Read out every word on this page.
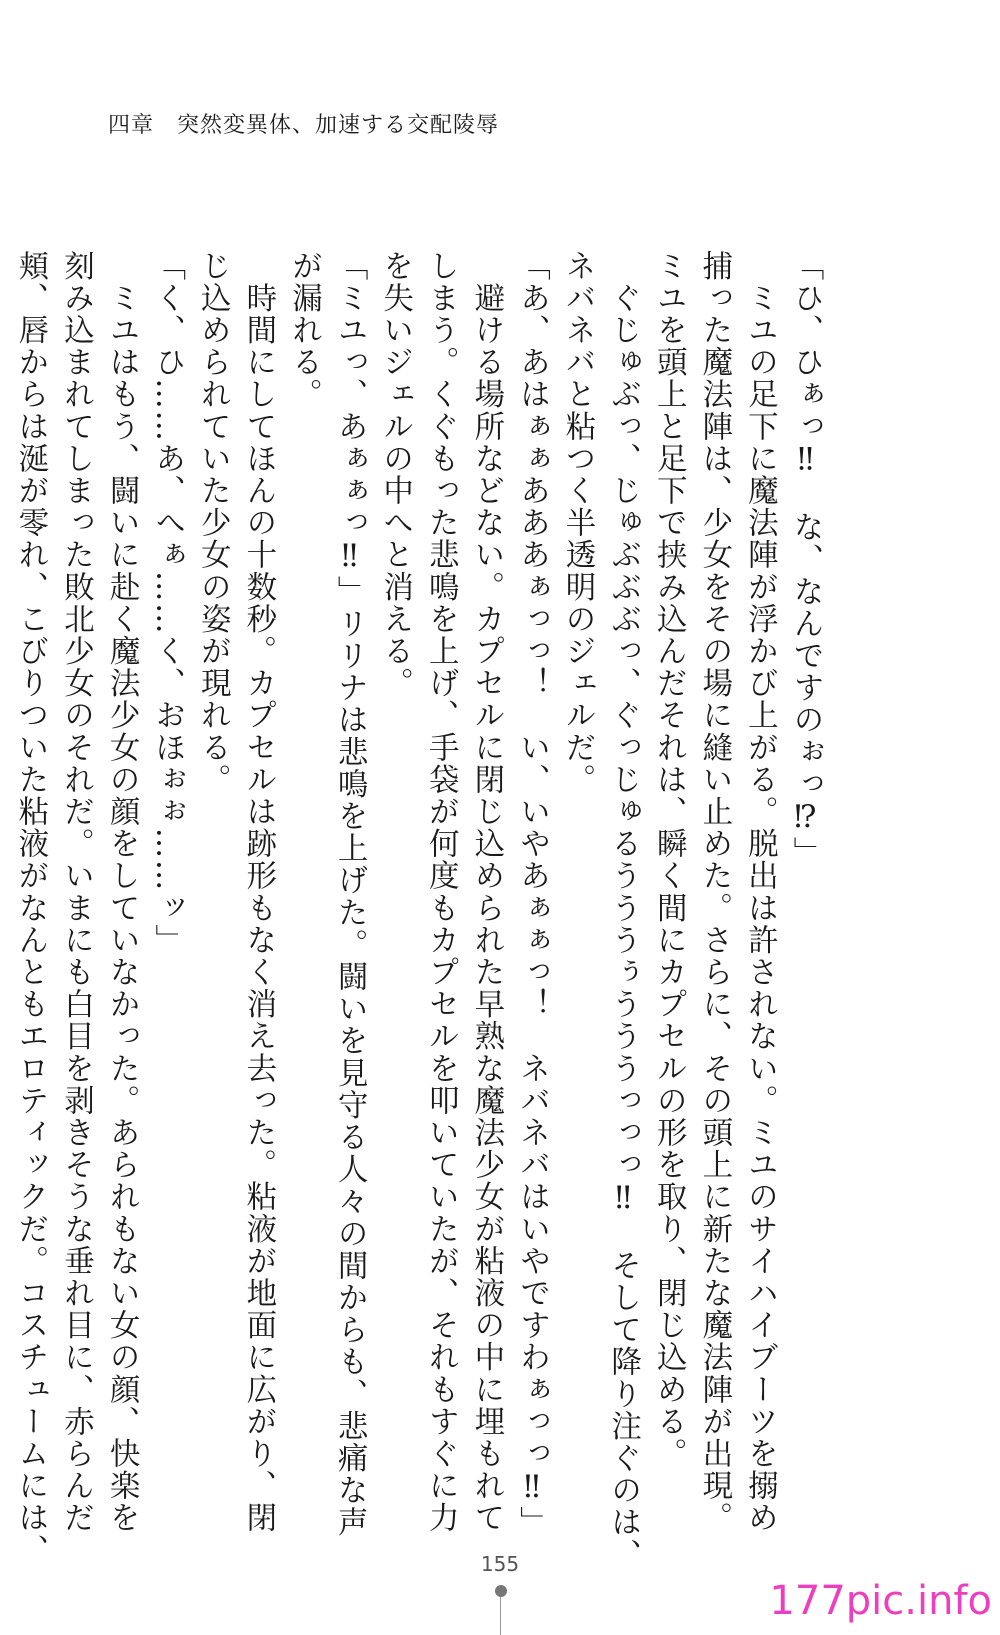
四章　突然変異体、加速する交配陵辱

「ひ、ひぁっ‼　な、なんですのぉっ⁉」

　ミユの足下に魔法陣が浮かび上がる。脱出は許されない。ミユのサイハイブーツを搦め

捕った魔法陣は、少女をその場に縫い止めた。さらに、その頭上に新たな魔法陣が出現。

ミユを頭上と足下で挟み込んだそれは、瞬く間にカプセルの形を取り、閉じ込める。

　ぐじゅぶっ、じゅぶぶぶっ、ぐっじゅるうううぅうううっっっ‼　そして降り注ぐのは、

ネバネバと粘つく半透明のジェルだ。

「あ、あはぁぁあああぁっっ！　い、いやあぁぁっ！　ネバネバはいやですわぁっっ‼」

　避ける場所などない。カプセルに閉じ込められた早熟な魔法少女が粘液の中に埋もれて

しまう。くぐもった悲鳴を上げ、手袋が何度もカプセルを叩いていたが、それもすぐに力

を失いジェルの中へと消える。

「ミユっ、あぁぁっ‼」リリナは悲鳴を上げた。闘いを見守る人々の間からも、悲痛な声

が漏れる。

　時間にしてほんの十数秒。カプセルは跡形もなく消え去った。粘液が地面に広がり、閉

じ込められていた少女の姿が現れる。

「く、ひ……あ、へぁ……く、おほぉぉ……ッ」

　ミユはもう、闘いに赴く魔法少女の顔をしていなかった。あられもない女の顔、快楽を

刻み込まれてしまった敗北少女のそれだ。いまにも白目を剥きそうな垂れ目に、赤らんだ

頬、唇からは涎が零れ、こびりついた粘液がなんともエロティックだ。コスチュームには、	155
177pic.info
